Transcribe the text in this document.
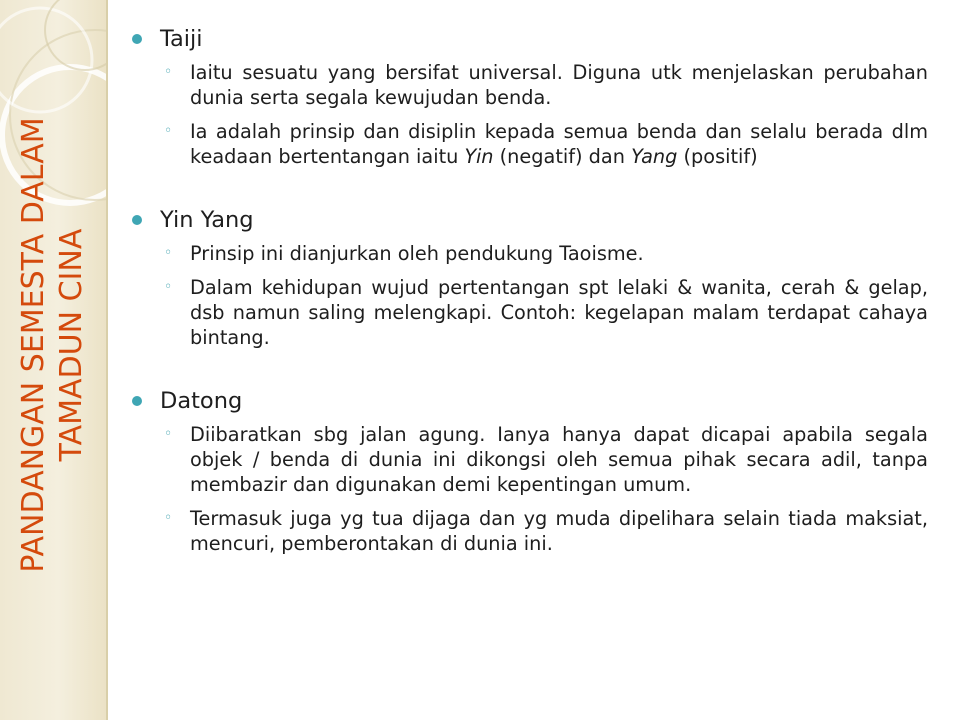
PANDANGAN SEMESTA DALAM TAMADUN CINA
Taiji
◦ Iaitu sesuatu yang bersifat universal. Diguna utk menjelaskan perubahan dunia serta segala kewujudan benda.
◦ Ia adalah prinsip dan disiplin kepada semua benda dan selalu berada dlm keadaan bertentangan iaitu Yin (negatif) dan Yang (positif)
Yin Yang
◦ Prinsip ini dianjurkan oleh pendukung Taoisme.
◦ Dalam kehidupan wujud pertentangan spt lelaki & wanita, cerah & gelap, dsb namun saling melengkapi. Contoh: kegelapan malam terdapat cahaya bintang.
Datong
◦ Diibaratkan sbg jalan agung. Ianya hanya dapat dicapai apabila segala objek / benda di dunia ini dikongsi oleh semua pihak secara adil, tanpa membazir dan digunakan demi kepentingan umum.
◦ Termasuk juga yg tua dijaga dan yg muda dipelihara selain tiada maksiat, mencuri, pemberontakan di dunia ini.
